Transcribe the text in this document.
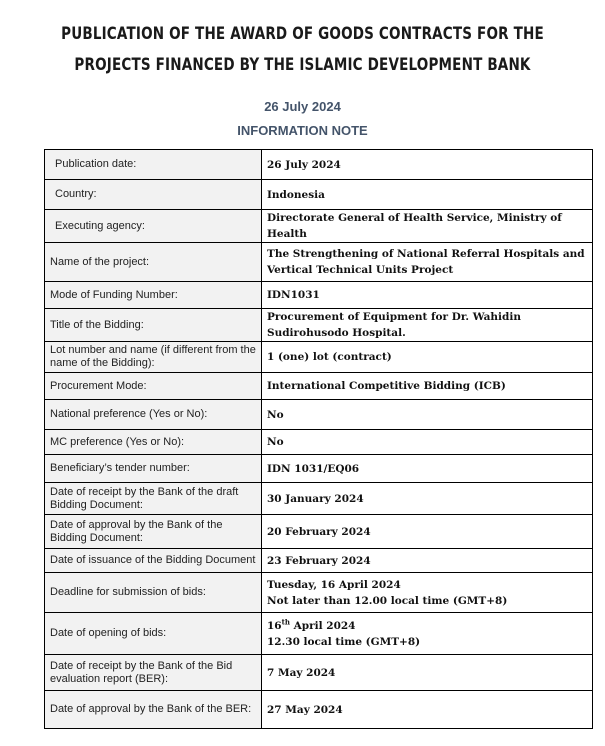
PUBLICATION OF THE AWARD OF GOODS CONTRACTS FOR THE
PROJECTS FINANCED BY THE ISLAMIC DEVELOPMENT BANK
26 July 2024
INFORMATION NOTE
Publication date:	26 July 2024
Country:	Indonesia
Executing agency:	Directorate General of Health Service, Ministry of Health
Name of the project:	The Strengthening of National Referral Hospitals and Vertical Technical Units Project
Mode of Funding Number:	IDN1031
Title of the Bidding:	Procurement of Equipment for Dr. Wahidin Sudirohusodo Hospital.
Lot number and name (if different from the name of the Bidding):	1 (one) lot (contract)
Procurement Mode:	International Competitive Bidding (ICB)
National preference (Yes or No):	No
MC preference (Yes or No):	No
Beneficiary’s tender number:	IDN 1031/EQ06
Date of receipt by the Bank of the draft Bidding Document:	30 January 2024
Date of approval by the Bank of the Bidding Document:	20 February 2024
Date of issuance of the Bidding Document	23 February 2024
Deadline for submission of bids:	Tuesday, 16 April 2024
Not later than 12.00 local time (GMT+8)

Date of opening of bids:	16th April 2024
12.30 local time (GMT+8)

Date of receipt by the Bank of the Bid evaluation report (BER):	7 May 2024
Date of approval by the Bank of the BER:	27 May 2024
